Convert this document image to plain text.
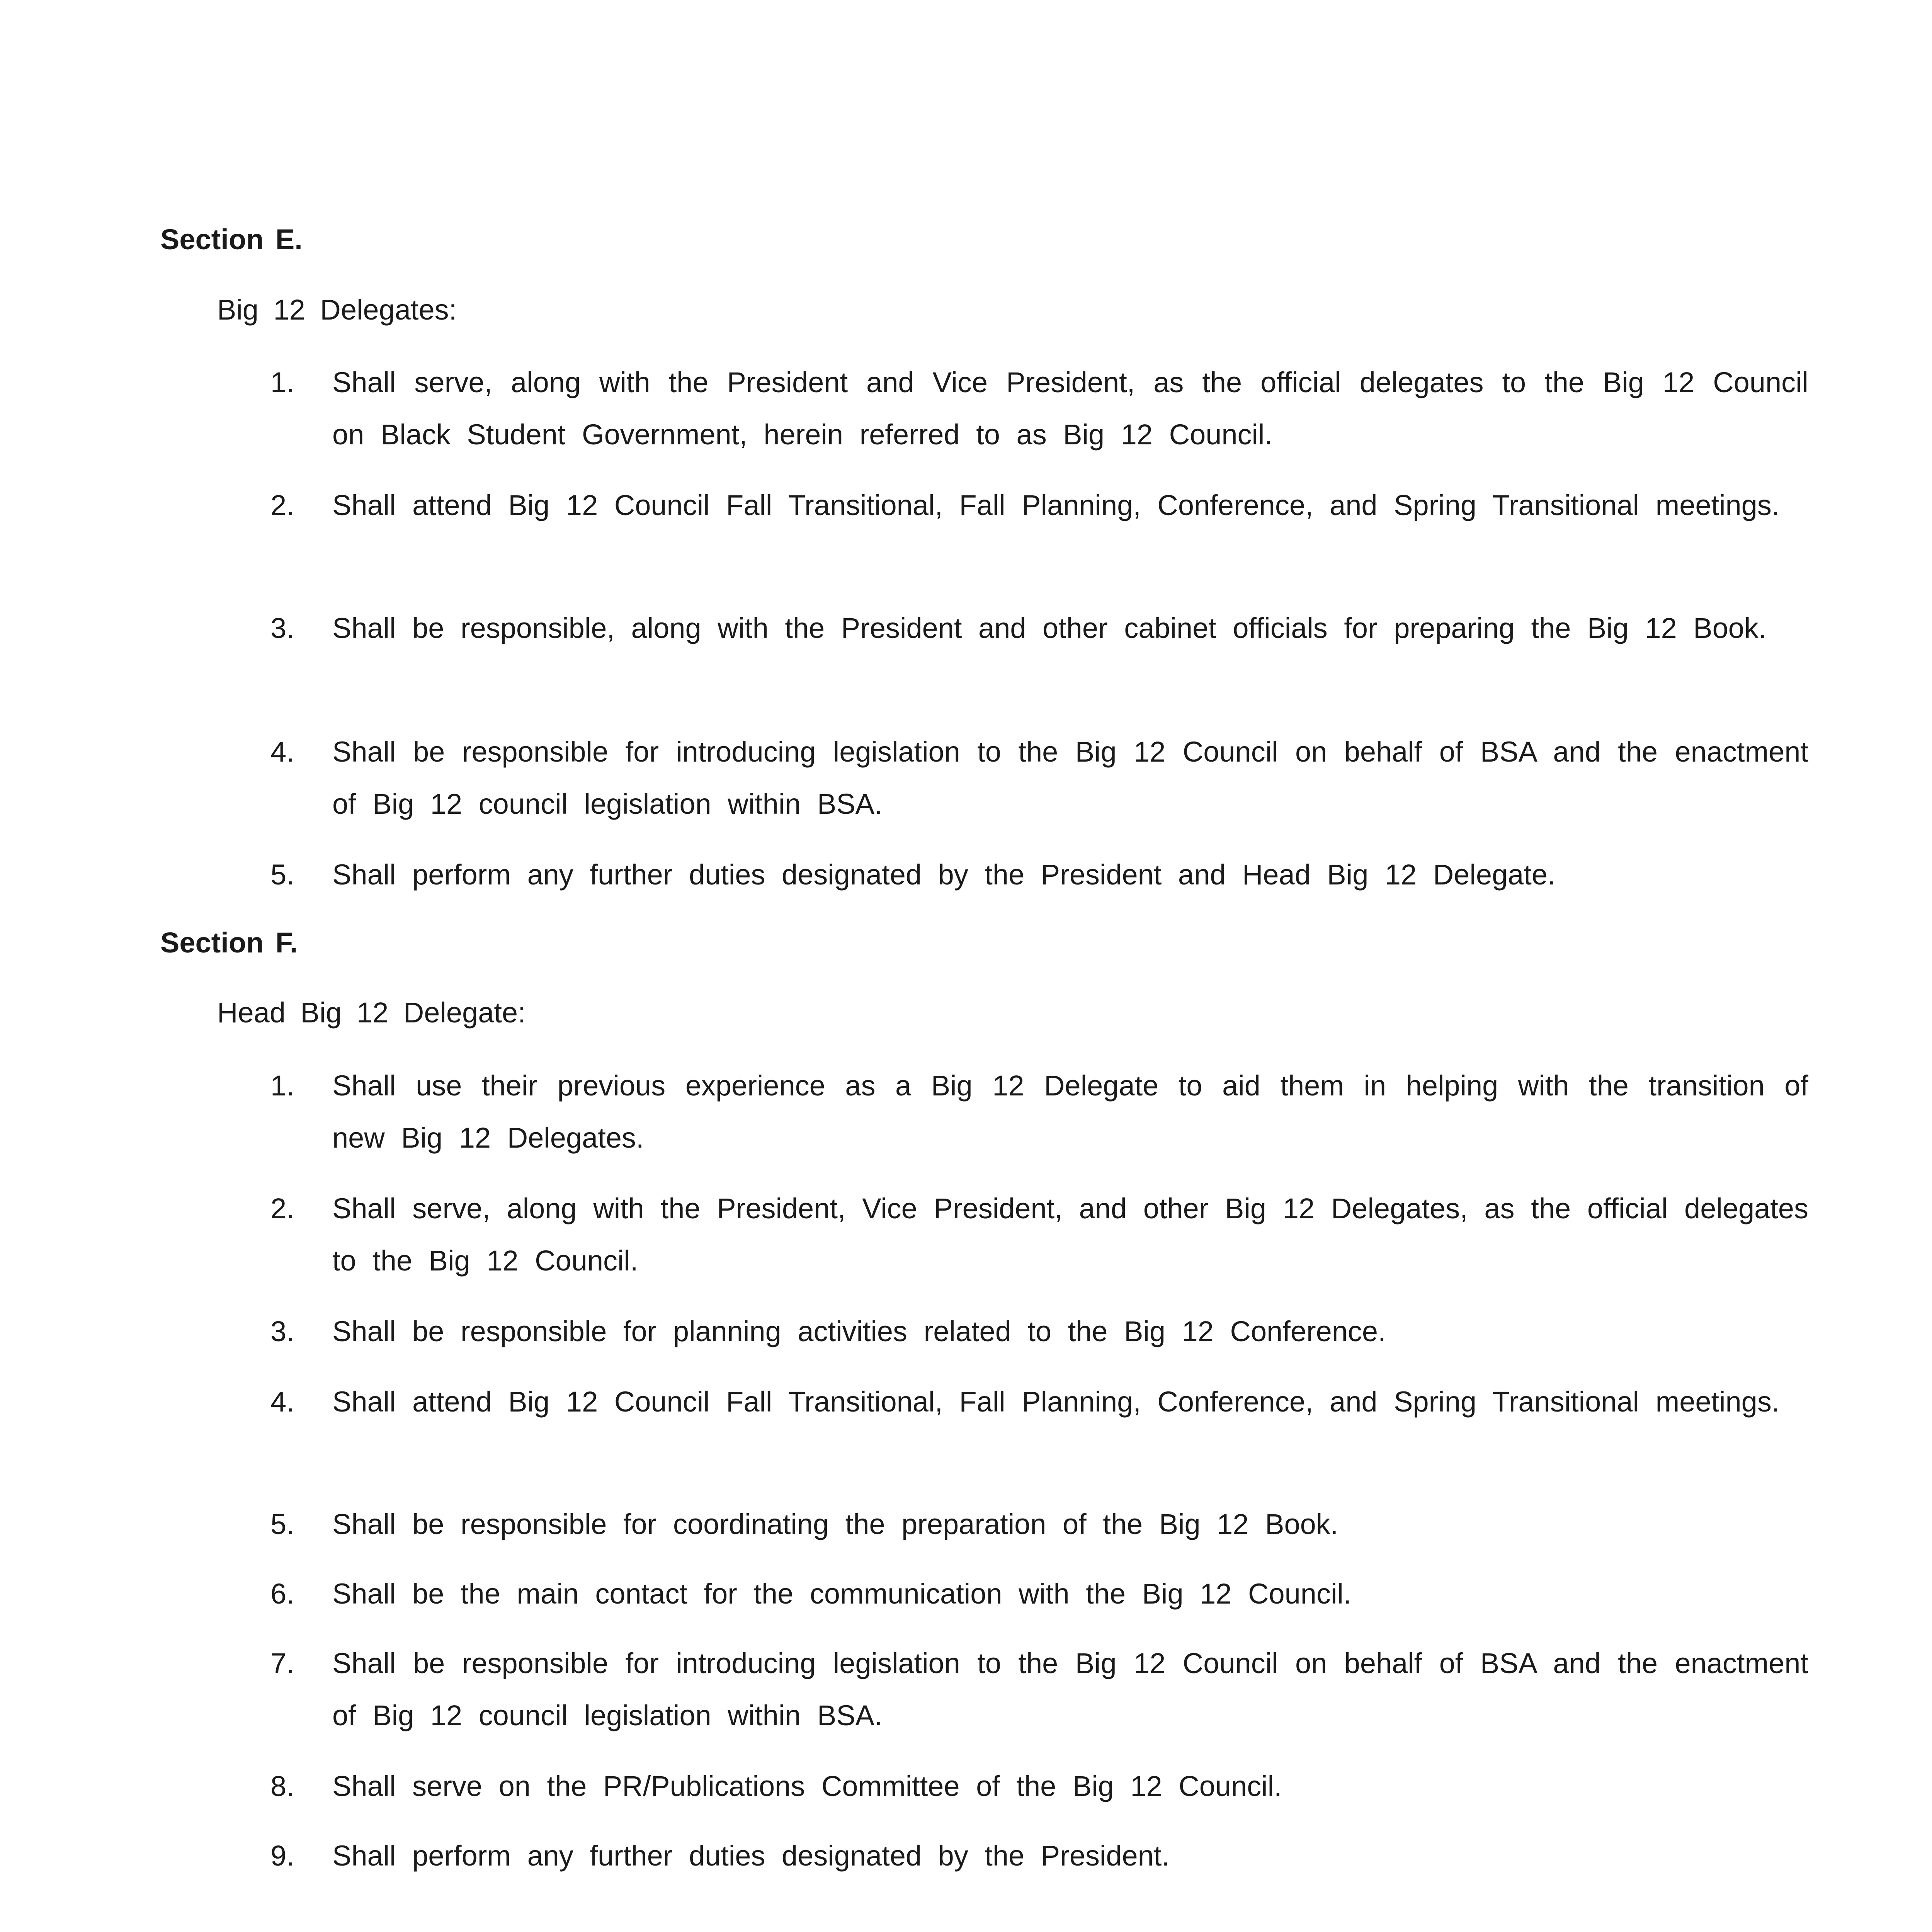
Section E.
Big 12 Delegates:
1.	Shall serve, along with the President and Vice President, as the official delegates to the Big 12 Council on Black Student Government, herein referred to as Big 12 Council.
2.	Shall attend Big 12 Council Fall Transitional, Fall Planning, Conference, and Spring Transitional meetings.
3.	Shall be responsible, along with the President and other cabinet officials for preparing the Big 12 Book.
4.	Shall be responsible for introducing legislation to the Big 12 Council on behalf of BSA and the enactment of Big 12 council legislation within BSA.
5.	Shall perform any further duties designated by the President and Head Big 12 Delegate.
Section F.
Head Big 12 Delegate:
1.	Shall use their previous experience as a Big 12 Delegate to aid them in helping with the transition of new Big 12 Delegates.
2.	Shall serve, along with the President, Vice President, and other Big 12 Delegates, as the official delegates to the Big 12 Council.
3.	Shall be responsible for planning activities related to the Big 12 Conference.
4.	Shall attend Big 12 Council Fall Transitional, Fall Planning, Conference, and Spring Transitional meetings.
5.	Shall be responsible for coordinating the preparation of the Big 12 Book.
6.	Shall be the main contact for the communication with the Big 12 Council.
7.	Shall be responsible for introducing legislation to the Big 12 Council on behalf of BSA and the enactment of Big 12 council legislation within BSA.
8.	Shall serve on the PR/Publications Committee of the Big 12 Council.
9.	Shall perform any further duties designated by the President.
